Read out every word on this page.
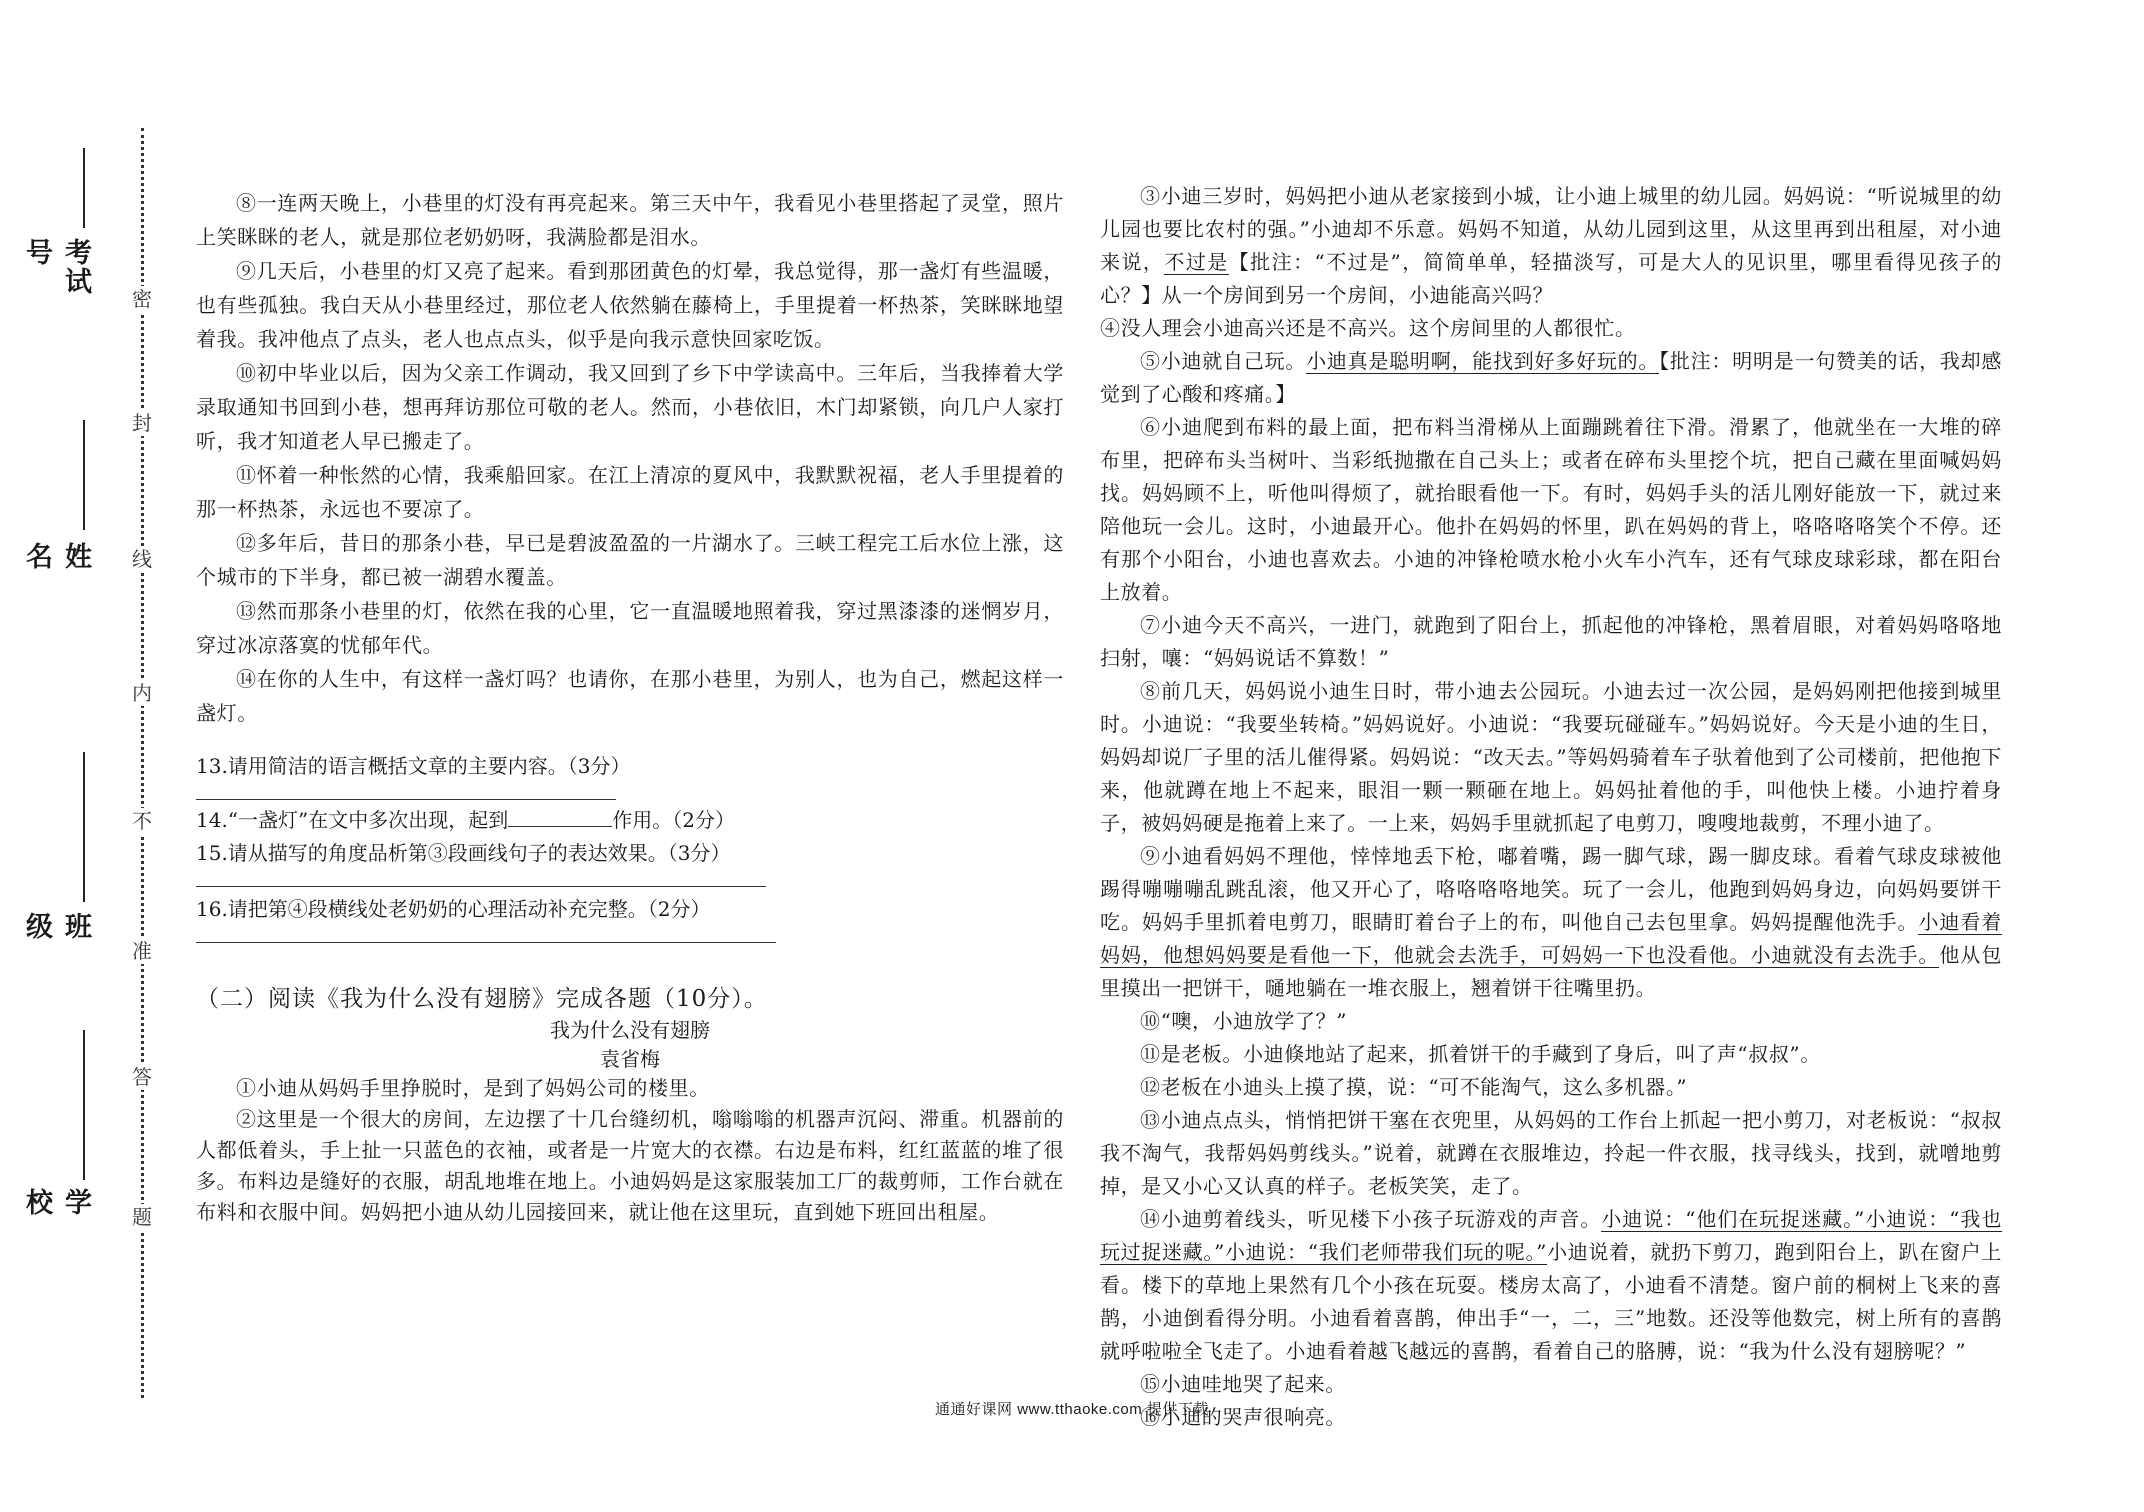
密
封
线
内
不
准
答
题
考试号
姓 名
班 级
学校

⑧一连两天晚上，小巷里的灯没有再亮起来。第三天中午，我看见小巷里搭起了灵堂，照片上笑眯眯的老人，就是那位老奶奶呀，我满脸都是泪水。

⑨几天后，小巷里的灯又亮了起来。看到那团黄色的灯晕，我总觉得，那一盏灯有些温暖，也有些孤独。我白天从小巷里经过，那位老人依然躺在藤椅上，手里提着一杯热茶，笑眯眯地望着我。我冲他点了点头，老人也点点头，似乎是向我示意快回家吃饭。

⑩初中毕业以后，因为父亲工作调动，我又回到了乡下中学读高中。三年后，当我捧着大学录取通知书回到小巷，想再拜访那位可敬的老人。然而，小巷依旧，木门却紧锁，向几户人家打听，我才知道老人早已搬走了。

⑪怀着一种怅然的心情，我乘船回家。在江上清凉的夏风中，我默默祝福，老人手里提着的那一杯热茶，永远也不要凉了。

⑫多年后，昔日的那条小巷，早已是碧波盈盈的一片湖水了。三峡工程完工后水位上涨，这个城市的下半身，都已被一湖碧水覆盖。

⑬然而那条小巷里的灯，依然在我的心里，它一直温暖地照着我，穿过黑漆漆的迷惘岁月，穿过冰凉落寞的忧郁年代。

⑭在你的人生中，有这样一盏灯吗？也请你，在那小巷里，为别人，也为自己，燃起这样一盏灯。

13.请用简洁的语言概括文章的主要内容。（3分）

14.“一盏灯”在文中多次出现，起到	作用。（2分）

15.请从描写的角度品析第③段画线句子的表达效果。（3分）

16.请把第④段横线处老奶奶的心理活动补充完整。（2分）

（二）阅读《我为什么没有翅膀》完成各题（10分）。

我为什么没有翅膀

袁省梅

①小迪从妈妈手里挣脱时，是到了妈妈公司的楼里。

②这里是一个很大的房间，左边摆了十几台缝纫机，嗡嗡嗡的机器声沉闷、滞重。机器前的人都低着头，手上扯一只蓝色的衣袖，或者是一片宽大的衣襟。右边是布料，红红蓝蓝的堆了很多。布料边是缝好的衣服，胡乱地堆在地上。小迪妈妈是这家服装加工厂的裁剪师，工作台就在布料和衣服中间。妈妈把小迪从幼儿园接回来，就让他在这里玩，直到她下班回出租屋。

③小迪三岁时，妈妈把小迪从老家接到小城，让小迪上城里的幼儿园。妈妈说：“听说城里的幼儿园也要比农村的强。”小迪却不乐意。妈妈不知道，从幼儿园到这里，从这里再到出租屋，对小迪来说，不过是【批注：“不过是”，简简单单，轻描淡写，可是大人的见识里，哪里看得见孩子的心？】从一个房间到另一个房间，小迪能高兴吗？

④没人理会小迪高兴还是不高兴。这个房间里的人都很忙。

⑤小迪就自己玩。小迪真是聪明啊，能找到好多好玩的。【批注：明明是一句赞美的话，我却感觉到了心酸和疼痛。】

⑥小迪爬到布料的最上面，把布料当滑梯从上面蹦跳着往下滑。滑累了，他就坐在一大堆的碎布里，把碎布头当树叶、当彩纸抛撒在自己头上；或者在碎布头里挖个坑，把自己藏在里面喊妈妈找。妈妈顾不上，听他叫得烦了，就抬眼看他一下。有时，妈妈手头的活儿刚好能放一下，就过来陪他玩一会儿。这时，小迪最开心。他扑在妈妈的怀里，趴在妈妈的背上，咯咯咯咯笑个不停。还有那个小阳台，小迪也喜欢去。小迪的冲锋枪喷水枪小火车小汽车，还有气球皮球彩球，都在阳台上放着。

⑦小迪今天不高兴，一进门，就跑到了阳台上，抓起他的冲锋枪，黑着眉眼，对着妈妈咯咯地扫射，嚷：“妈妈说话不算数！”

⑧前几天，妈妈说小迪生日时，带小迪去公园玩。小迪去过一次公园，是妈妈刚把他接到城里时。小迪说：“我要坐转椅。”妈妈说好。小迪说：“我要玩碰碰车。”妈妈说好。今天是小迪的生日，妈妈却说厂子里的活儿催得紧。妈妈说：“改天去。”等妈妈骑着车子驮着他到了公司楼前，把他抱下来，他就蹲在地上不起来，眼泪一颗一颗砸在地上。妈妈扯着他的手，叫他快上楼。小迪拧着身子，被妈妈硬是拖着上来了。一上来，妈妈手里就抓起了电剪刀，嗖嗖地裁剪，不理小迪了。

⑨小迪看妈妈不理他，悻悻地丢下枪，嘟着嘴，踢一脚气球，踢一脚皮球。看着气球皮球被他踢得嘣嘣嘣乱跳乱滚，他又开心了，咯咯咯咯地笑。玩了一会儿，他跑到妈妈身边，向妈妈要饼干吃。妈妈手里抓着电剪刀，眼睛盯着台子上的布，叫他自己去包里拿。妈妈提醒他洗手。小迪看着妈妈，他想妈妈要是看他一下，他就会去洗手，可妈妈一下也没看他。小迪就没有去洗手。他从包里摸出一把饼干，嗵地躺在一堆衣服上，翘着饼干往嘴里扔。

⑩“噢，小迪放学了？”

⑪是老板。小迪倏地站了起来，抓着饼干的手藏到了身后，叫了声“叔叔”。

⑫老板在小迪头上摸了摸，说：“可不能淘气，这么多机器。”

⑬小迪点点头，悄悄把饼干塞在衣兜里，从妈妈的工作台上抓起一把小剪刀，对老板说：“叔叔我不淘气，我帮妈妈剪线头。”说着，就蹲在衣服堆边，拎起一件衣服，找寻线头，找到，就噌地剪掉，是又小心又认真的样子。老板笑笑，走了。

⑭小迪剪着线头，听见楼下小孩子玩游戏的声音。小迪说：“他们在玩捉迷藏。”小迪说：“我也玩过捉迷藏。”小迪说：“我们老师带我们玩的呢。”小迪说着，就扔下剪刀，跑到阳台上，趴在窗户上看。楼下的草地上果然有几个小孩在玩耍。楼房太高了，小迪看不清楚。窗户前的桐树上飞来的喜鹊，小迪倒看得分明。小迪看着喜鹊，伸出手“一，二，三”地数。还没等他数完，树上所有的喜鹊就呼啦啦全飞走了。小迪看着越飞越远的喜鹊，看着自己的胳膊，说：“我为什么没有翅膀呢？”

⑮小迪哇地哭了起来。

⑯小迪的哭声很响亮。

通通好课网 www.tthaoke.com 提供下载
